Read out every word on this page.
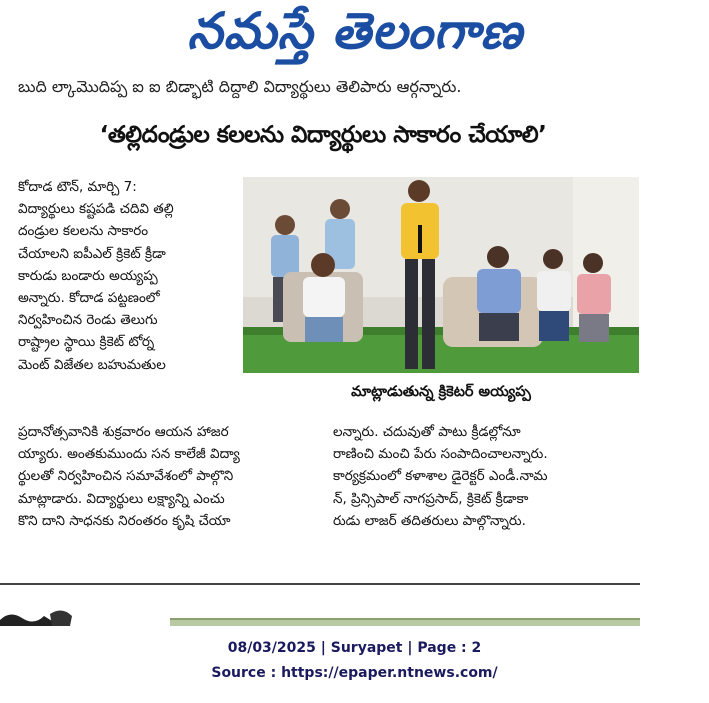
నమస్తే తెలంగాణ
బుది ల్కామెుదిప్ప ఐ ఐ బిడ్భాటి దిద్దాలి విద్యార్థులు తెలిపారు ఆర్గన్నారు.
‘తల్లిదండ్రుల కలలను విద్యార్థులు సాకారం చేయాలి’
కోదాడ టౌన్, మార్చి 7:
విద్యార్థులు కష్టపడి చదివి తల్లి
దండ్రుల కలలను సాకారం
చేయాలని ఐపీఎల్ క్రికెట్ క్రీడా
కారుడు బండారు అయ్యప్ప
అన్నారు. కోదాడ పట్టణంలో
నిర్వహించిన రెండు తెలుగు
రాష్ట్రాల స్థాయి క్రికెట్ టోర్న
మెంట్ విజేతల బహుమతుల
మాట్లాడుతున్న క్రికెటర్ అయ్యప్ప
ప్రదానోత్సవానికి శుక్రవారం ఆయన హాజర
య్యారు. అంతకుముందు సన కాలేజీ విద్యా
ర్థులతో నిర్వహించిన సమావేశంలో పాల్గొని
మాట్లాడారు. విద్యార్థులు లక్ష్యాన్ని ఎంచు
కొని దాని సాధనకు నిరంతరం కృషి చేయా
లన్నారు. చదువుతో పాటు క్రీడల్లోనూ
రాణించి మంచి పేరు సంపాదించాలన్నారు.
కార్యక్రమంలో కళాశాల డైరెక్టర్ ఎండీ.నామ
న్, ప్రిన్సిపాల్ నాగప్రసాద్, క్రికెట్ క్రీడాకా
రుడు లాజర్ తదితరులు పాల్గొన్నారు.
08/03/2025 | Suryapet | Page : 2
Source : https://epaper.ntnews.com/
